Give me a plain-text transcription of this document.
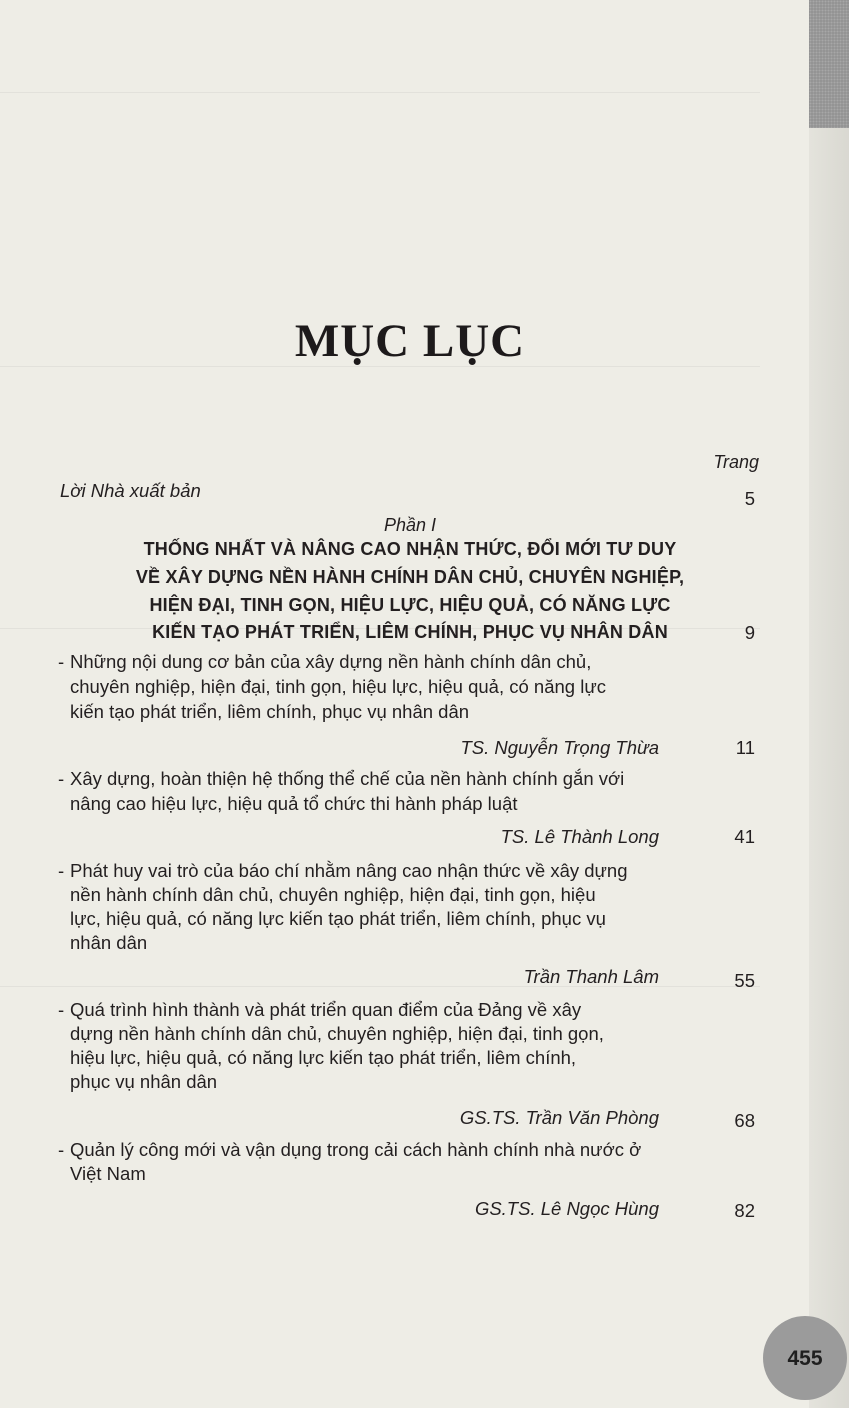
MỤC LỤC
Trang
Lời Nhà xuất bản	5
Phần I
THỐNG NHẤT VÀ NÂNG CAO NHẬN THỨC, ĐỔI MỚI TƯ DUY
VỀ XÂY DỰNG NỀN HÀNH CHÍNH DÂN CHỦ, CHUYÊN NGHIỆP,
HIỆN ĐẠI, TINH GỌN, HIỆU LỰC, HIỆU QUẢ, CÓ NĂNG LỰC
KIẾN TẠO PHÁT TRIỂN, LIÊM CHÍNH, PHỤC VỤ NHÂN DÂN	9
- Những nội dung cơ bản của xây dựng nền hành chính dân chủ,
chuyên nghiệp, hiện đại, tinh gọn, hiệu lực, hiệu quả, có năng lực
kiến tạo phát triển, liêm chính, phục vụ nhân dân
TS. Nguyễn Trọng Thừa	11
- Xây dựng, hoàn thiện hệ thống thể chế của nền hành chính gắn với
nâng cao hiệu lực, hiệu quả tổ chức thi hành pháp luật
TS. Lê Thành Long	41
- Phát huy vai trò của báo chí nhằm nâng cao nhận thức về xây dựng
nền hành chính dân chủ, chuyên nghiệp, hiện đại, tinh gọn, hiệu
lực, hiệu quả, có năng lực kiến tạo phát triển, liêm chính, phục vụ
nhân dân
Trần Thanh Lâm	55
- Quá trình hình thành và phát triển quan điểm của Đảng về xây
dựng nền hành chính dân chủ, chuyên nghiệp, hiện đại, tinh gọn,
hiệu lực, hiệu quả, có năng lực kiến tạo phát triển, liêm chính,
phục vụ nhân dân
GS.TS. Trần Văn Phòng	68
- Quản lý công mới và vận dụng trong cải cách hành chính nhà nước ở
Việt Nam
GS.TS. Lê Ngọc Hùng	82
455
